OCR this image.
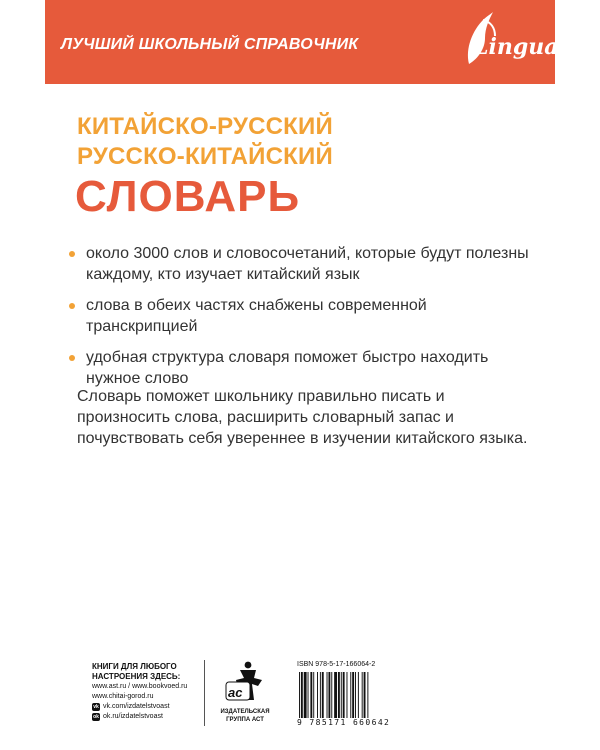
ЛУЧШИЙ ШКОЛЬНЫЙ СПРАВОЧНИК	Lingua
КИТАЙСКО-РУССКИЙ
РУССКО-КИТАЙСКИЙ
СЛОВАРЬ
около 3000 слов и словосочетаний, которые будут полезны каждому, кто изучает китайский язык
слова в обеих частях снабжены современной транскрипцией
удобная структура словаря поможет быстро находить нужное слово
Словарь поможет школьнику правильно писать и произносить слова, расширить словарный запас и почувствовать себя увереннее в изучении китайского языка.
КНИГИ ДЛЯ ЛЮБОГО
НАСТРОЕНИЯ ЗДЕСЬ:
www.ast.ru / www.bookvoed.ru
www.chitai-gorod.ru
vk vk.com/izdatelstvoast
ok ok.ru/izdatelstvoast
ac
ИЗДАТЕЛЬСКАЯ
ГРУППА АСТ
ISBN 978-5-17-166064-2
9 785171 660642
